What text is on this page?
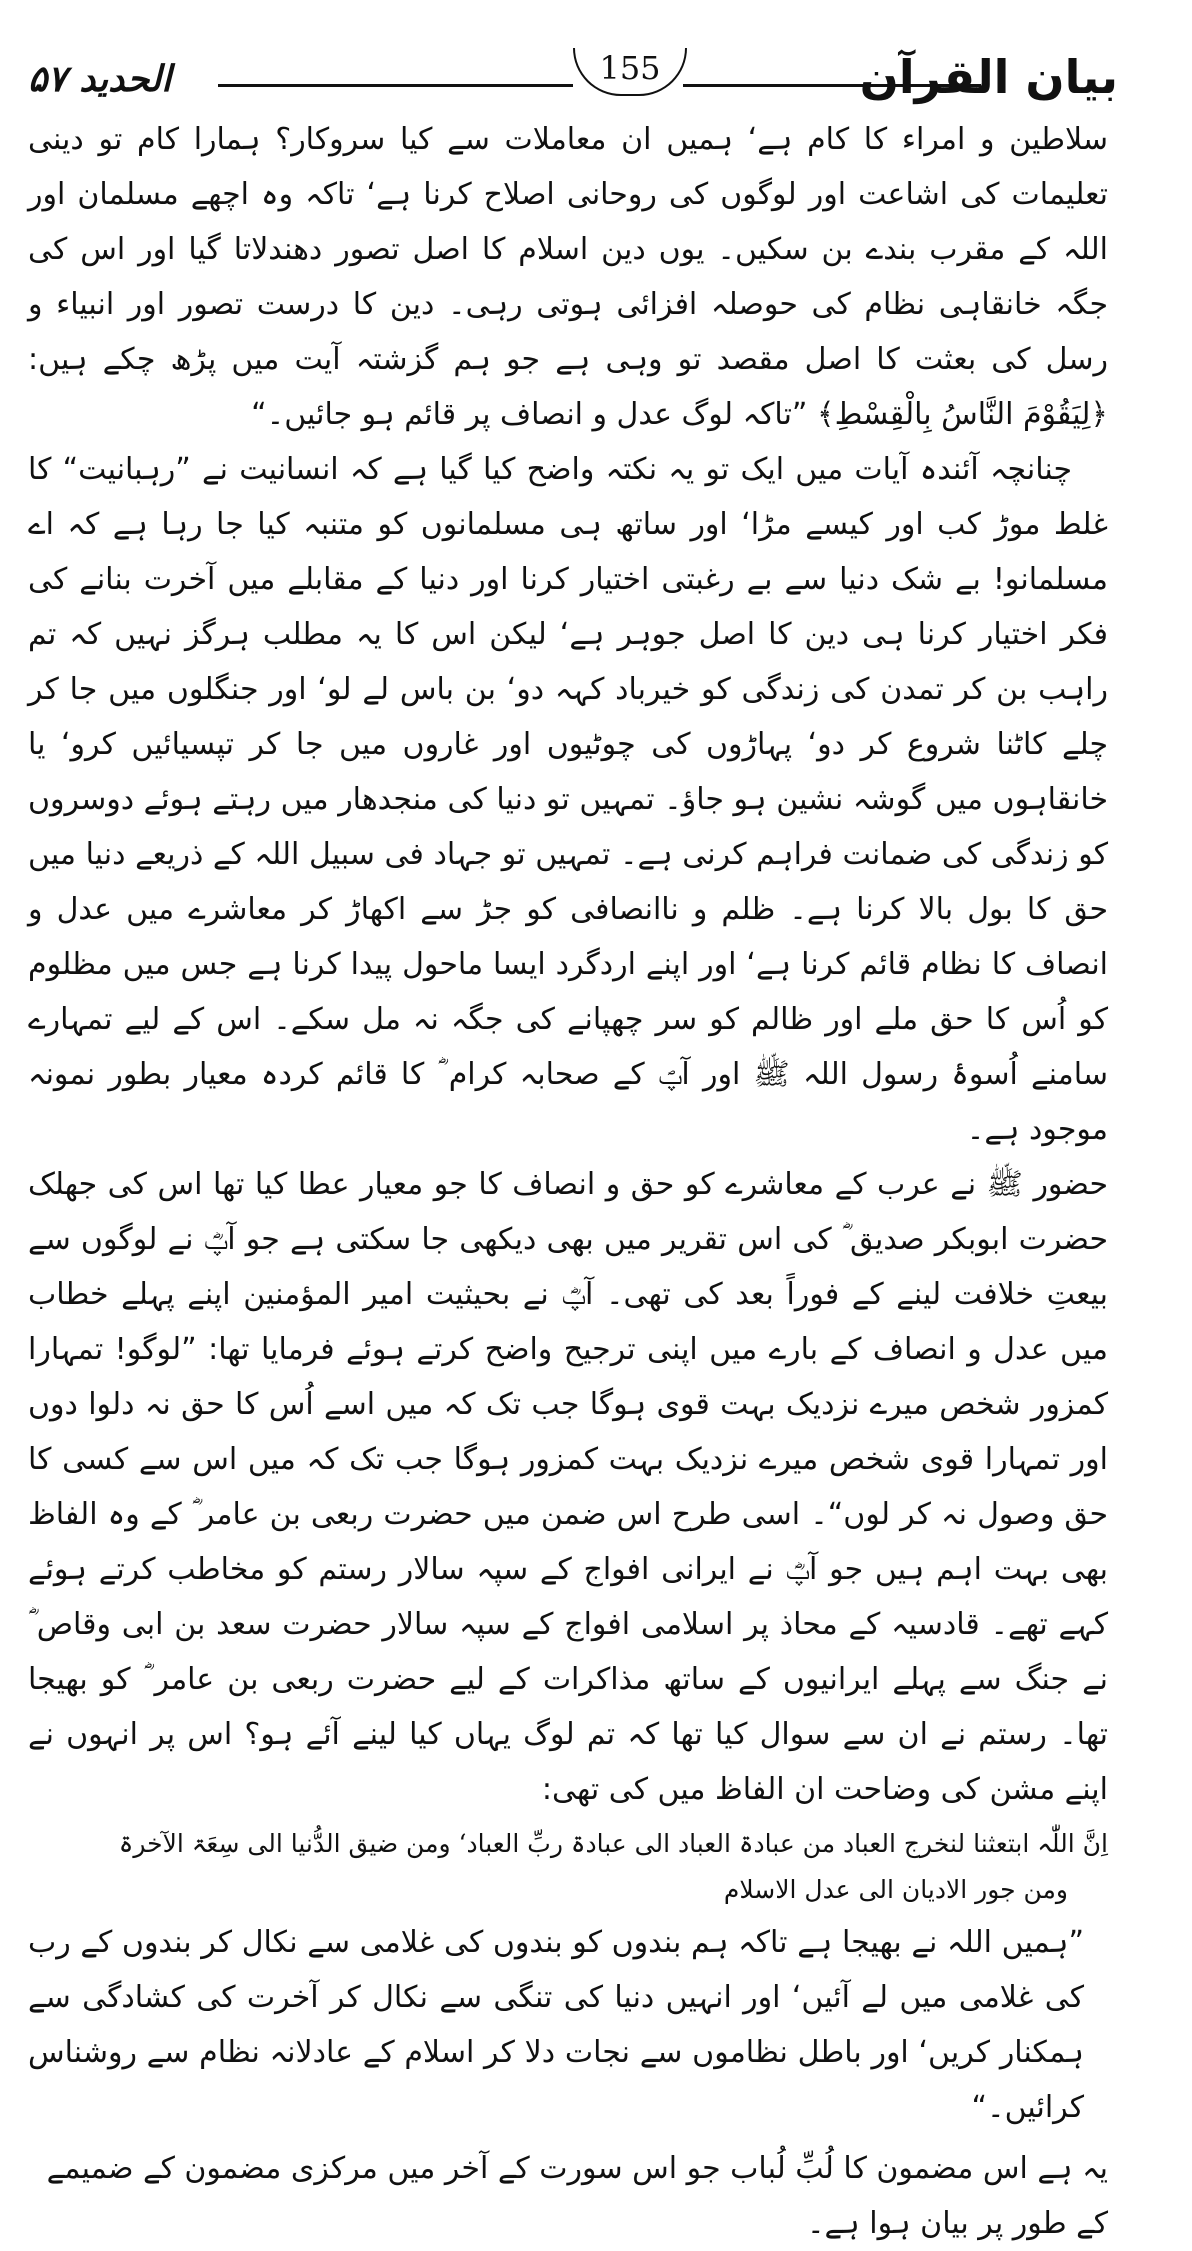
الحدید ۵۷	155	بیان القرآن

سلاطین و امراء کا کام ہے‘ ہمیں ان معاملات سے کیا سروکار؟ ہمارا کام تو دینی تعلیمات کی اشاعت اور لوگوں کی روحانی اصلاح کرنا ہے‘ تاکہ وہ اچھے مسلمان اور اللہ کے مقرب بندے بن سکیں۔ یوں دین اسلام کا اصل تصور دھندلاتا گیا اور اس کی جگہ خانقاہی نظام کی حوصلہ افزائی ہوتی رہی۔ دین کا درست تصور اور انبیاء و رسل کی بعثت کا اصل مقصد تو وہی ہے جو ہم گزشتہ آیت میں پڑھ چکے ہیں: ﴿لِيَقُوْمَ النَّاسُ بِالْقِسْطِ﴾ ”تاکہ لوگ عدل و انصاف پر قائم ہو جائیں۔“

چنانچہ آئندہ آیات میں ایک تو یہ نکتہ واضح کیا گیا ہے کہ انسانیت نے ”رہبانیت“ کا غلط موڑ کب اور کیسے مڑا‘ اور ساتھ ہی مسلمانوں کو متنبہ کیا جا رہا ہے کہ اے مسلمانو! بے شک دنیا سے بے رغبتی اختیار کرنا اور دنیا کے مقابلے میں آخرت بنانے کی فکر اختیار کرنا ہی دین کا اصل جوہر ہے‘ لیکن اس کا یہ مطلب ہرگز نہیں کہ تم راہب بن کر تمدن کی زندگی کو خیرباد کہہ دو‘ بن باس لے لو‘ اور جنگلوں میں جا کر چلے کاٹنا شروع کر دو‘ پہاڑوں کی چوٹیوں اور غاروں میں جا کر تپسیائیں کرو‘ یا خانقاہوں میں گوشہ نشین ہو جاؤ۔ تمہیں تو دنیا کی منجدھار میں رہتے ہوئے دوسروں کو زندگی کی ضمانت فراہم کرنی ہے۔ تمہیں تو جہاد فی سبیل اللہ کے ذریعے دنیا میں حق کا بول بالا کرنا ہے۔ ظلم و ناانصافی کو جڑ سے اکھاڑ کر معاشرے میں عدل و انصاف کا نظام قائم کرنا ہے‘ اور اپنے اردگرد ایسا ماحول پیدا کرنا ہے جس میں مظلوم کو اُس کا حق ملے اور ظالم کو سر چھپانے کی جگہ نہ مل سکے۔ اس کے لیے تمہارے سامنے اُسوۂ رسول اللہ ﷺ اور آپؐ کے صحابہ کرام ؓ کا قائم کردہ معیار بطور نمونہ موجود ہے۔

حضور ﷺ نے عرب کے معاشرے کو حق و انصاف کا جو معیار عطا کیا تھا اس کی جھلک حضرت ابوبکر صدیق ؓ کی اس تقریر میں بھی دیکھی جا سکتی ہے جو آپؓ نے لوگوں سے بیعتِ خلافت لینے کے فوراً بعد کی تھی۔ آپؓ نے بحیثیت امیر المؤمنین اپنے پہلے خطاب میں عدل و انصاف کے بارے میں اپنی ترجیح واضح کرتے ہوئے فرمایا تھا: ”لوگو! تمہارا کمزور شخص میرے نزدیک بہت قوی ہوگا جب تک کہ میں اسے اُس کا حق نہ دلوا دوں اور تمہارا قوی شخص میرے نزدیک بہت کمزور ہوگا جب تک کہ میں اس سے کسی کا حق وصول نہ کر لوں“۔ اسی طرح اس ضمن میں حضرت ربعی بن عامر ؓ کے وہ الفاظ بھی بہت اہم ہیں جو آپؓ نے ایرانی افواج کے سپہ سالار رستم کو مخاطب کرتے ہوئے کہے تھے۔ قادسیہ کے محاذ پر اسلامی افواج کے سپہ سالار حضرت سعد بن ابی وقاص ؓ نے جنگ سے پہلے ایرانیوں کے ساتھ مذاکرات کے لیے حضرت ربعی بن عامر ؓ کو بھیجا تھا۔ رستم نے ان سے سوال کیا تھا کہ تم لوگ یہاں کیا لینے آئے ہو؟ اس پر انہوں نے اپنے مشن کی وضاحت ان الفاظ میں کی تھی:

اِنَّ اللّٰہ ابتعثنا لنخرج العباد من عبادۃ العباد الی عبادۃ ربِّ العباد‘ ومن ضیق الدُّنیا الی سِعَۃ الآخرۃ
ومن جور الادیان الی عدل الاسلام
”ہمیں اللہ نے بھیجا ہے تاکہ ہم بندوں کو بندوں کی غلامی سے نکال کر بندوں کے رب کی غلامی میں لے آئیں‘ اور انہیں دنیا کی تنگی سے نکال کر آخرت کی کشادگی سے ہمکنار کریں‘ اور باطل نظاموں سے نجات دلا کر اسلام کے عادلانہ نظام سے روشناس کرائیں۔“
یہ ہے اس مضمون کا لُبِّ لُباب جو اس سورت کے آخر میں مرکزی مضمون کے ضمیمے کے طور پر بیان ہوا ہے۔
